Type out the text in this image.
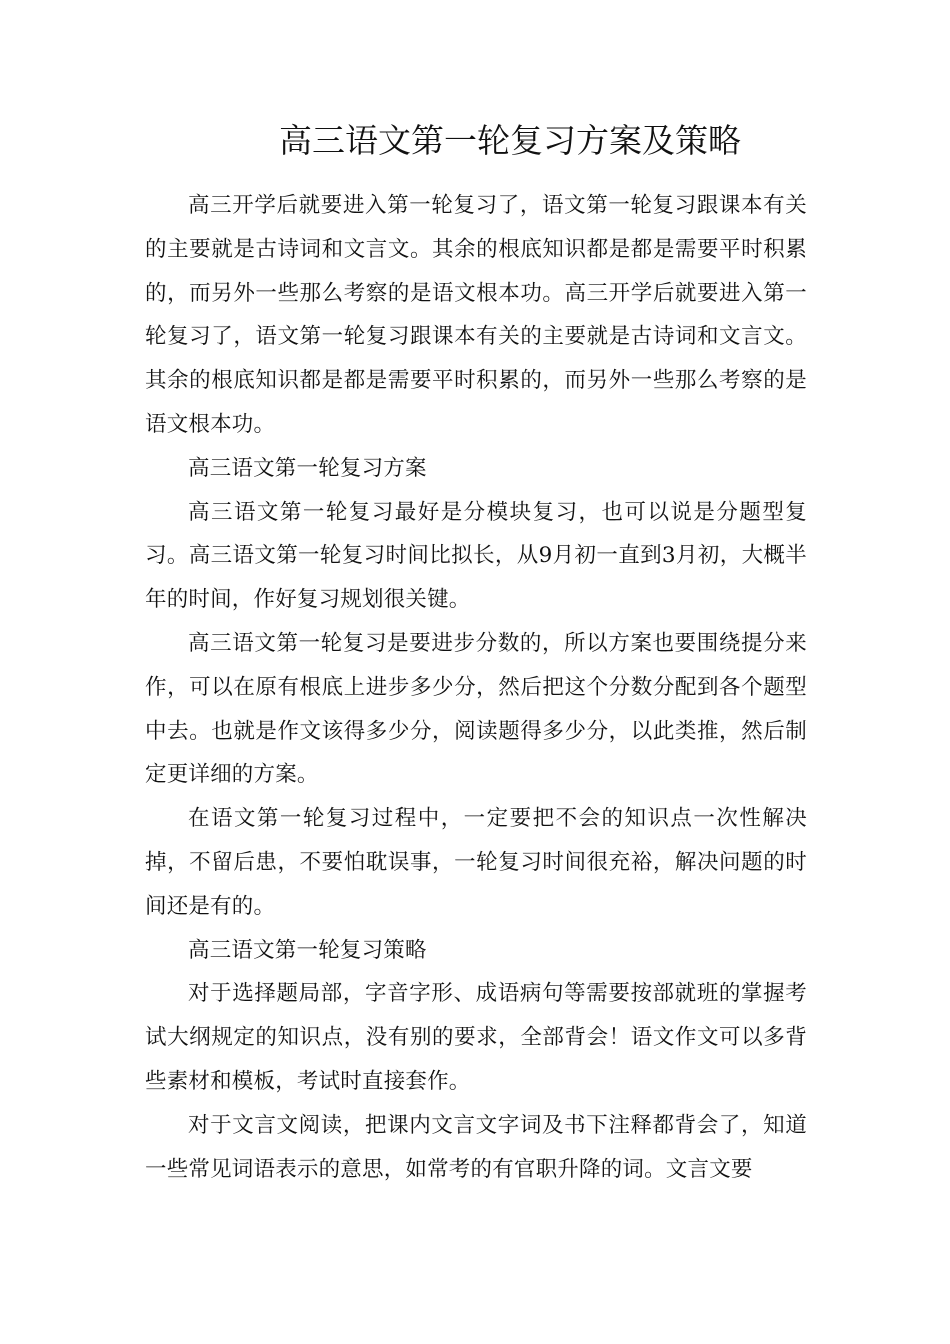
高三语文第一轮复习方案及策略

高三开学后就要进入第一轮复习了，语文第一轮复习跟课本有关的主要就是古诗词和文言文。其余的根底知识都是都是需要平时积累的，而另外一些那么考察的是语文根本功。高三开学后就要进入第一轮复习了，语文第一轮复习跟课本有关的主要就是古诗词和文言文。其余的根底知识都是都是需要平时积累的，而另外一些那么考察的是语文根本功。

高三语文第一轮复习方案

高三语文第一轮复习最好是分模块复习，也可以说是分题型复习。高三语文第一轮复习时间比拟长，从9月初一直到3月初，大概半年的时间，作好复习规划很关键。

高三语文第一轮复习是要进步分数的，所以方案也要围绕提分来作，可以在原有根底上进步多少分，然后把这个分数分配到各个题型中去。也就是作文该得多少分，阅读题得多少分，以此类推，然后制定更详细的方案。

在语文第一轮复习过程中，一定要把不会的知识点一次性解决掉，不留后患，不要怕耽误事，一轮复习时间很充裕，解决问题的时间还是有的。

高三语文第一轮复习策略

对于选择题局部，字音字形、成语病句等需要按部就班的掌握考试大纲规定的知识点，没有别的要求，全部背会！语文作文可以多背些素材和模板，考试时直接套作。

对于文言文阅读，把课内文言文字词及书下注释都背会了，知道一些常见词语表示的意思，如常考的有官职升降的词。文言文要
